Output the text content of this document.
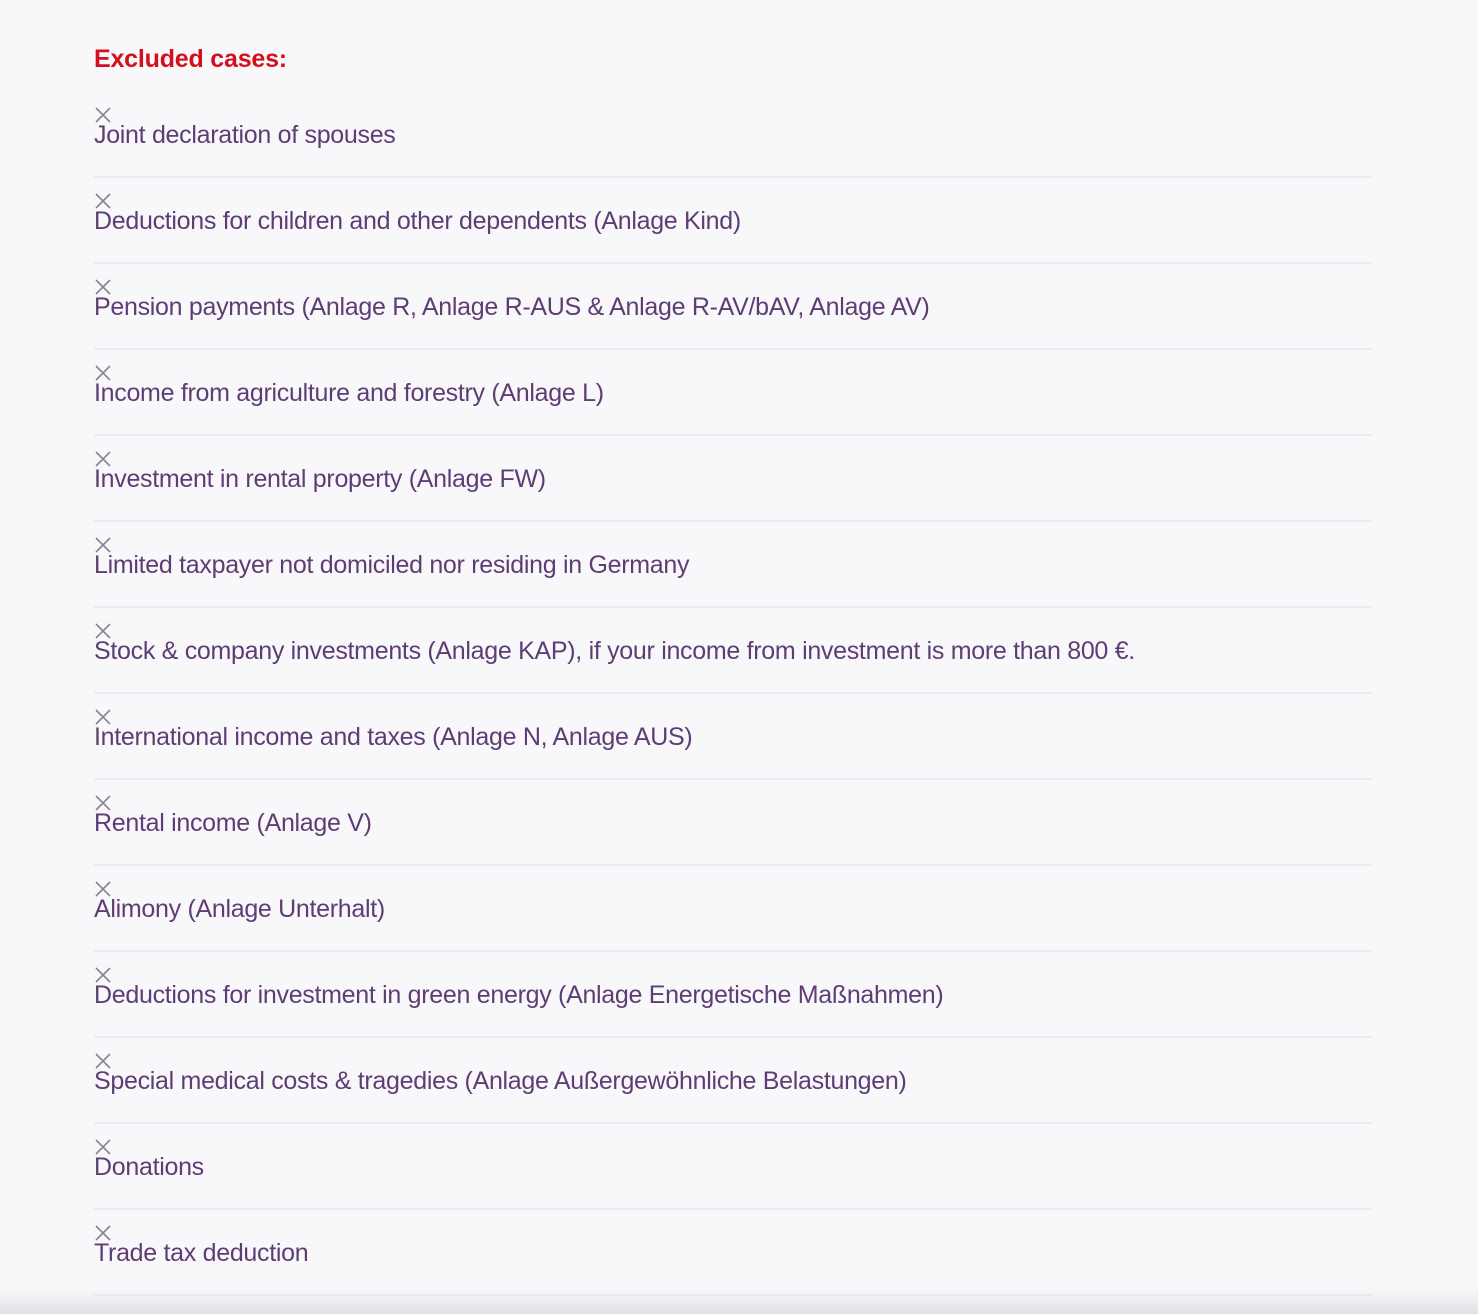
Excluded cases:
Joint declaration of spouses
Deductions for children and other dependents (Anlage Kind)
Pension payments (Anlage R, Anlage R-AUS & Anlage R-AV/bAV, Anlage AV)
Income from agriculture and forestry (Anlage L)
Investment in rental property (Anlage FW)
Limited taxpayer not domiciled nor residing in Germany
Stock & company investments (Anlage KAP), if your income from investment is more than 800 €.
International income and taxes (Anlage N, Anlage AUS)
Rental income (Anlage V)
Alimony (Anlage Unterhalt)
Deductions for investment in green energy (Anlage Energetische Maßnahmen)
Special medical costs & tragedies (Anlage Außergewöhnliche Belastungen)
Donations
Trade tax deduction
